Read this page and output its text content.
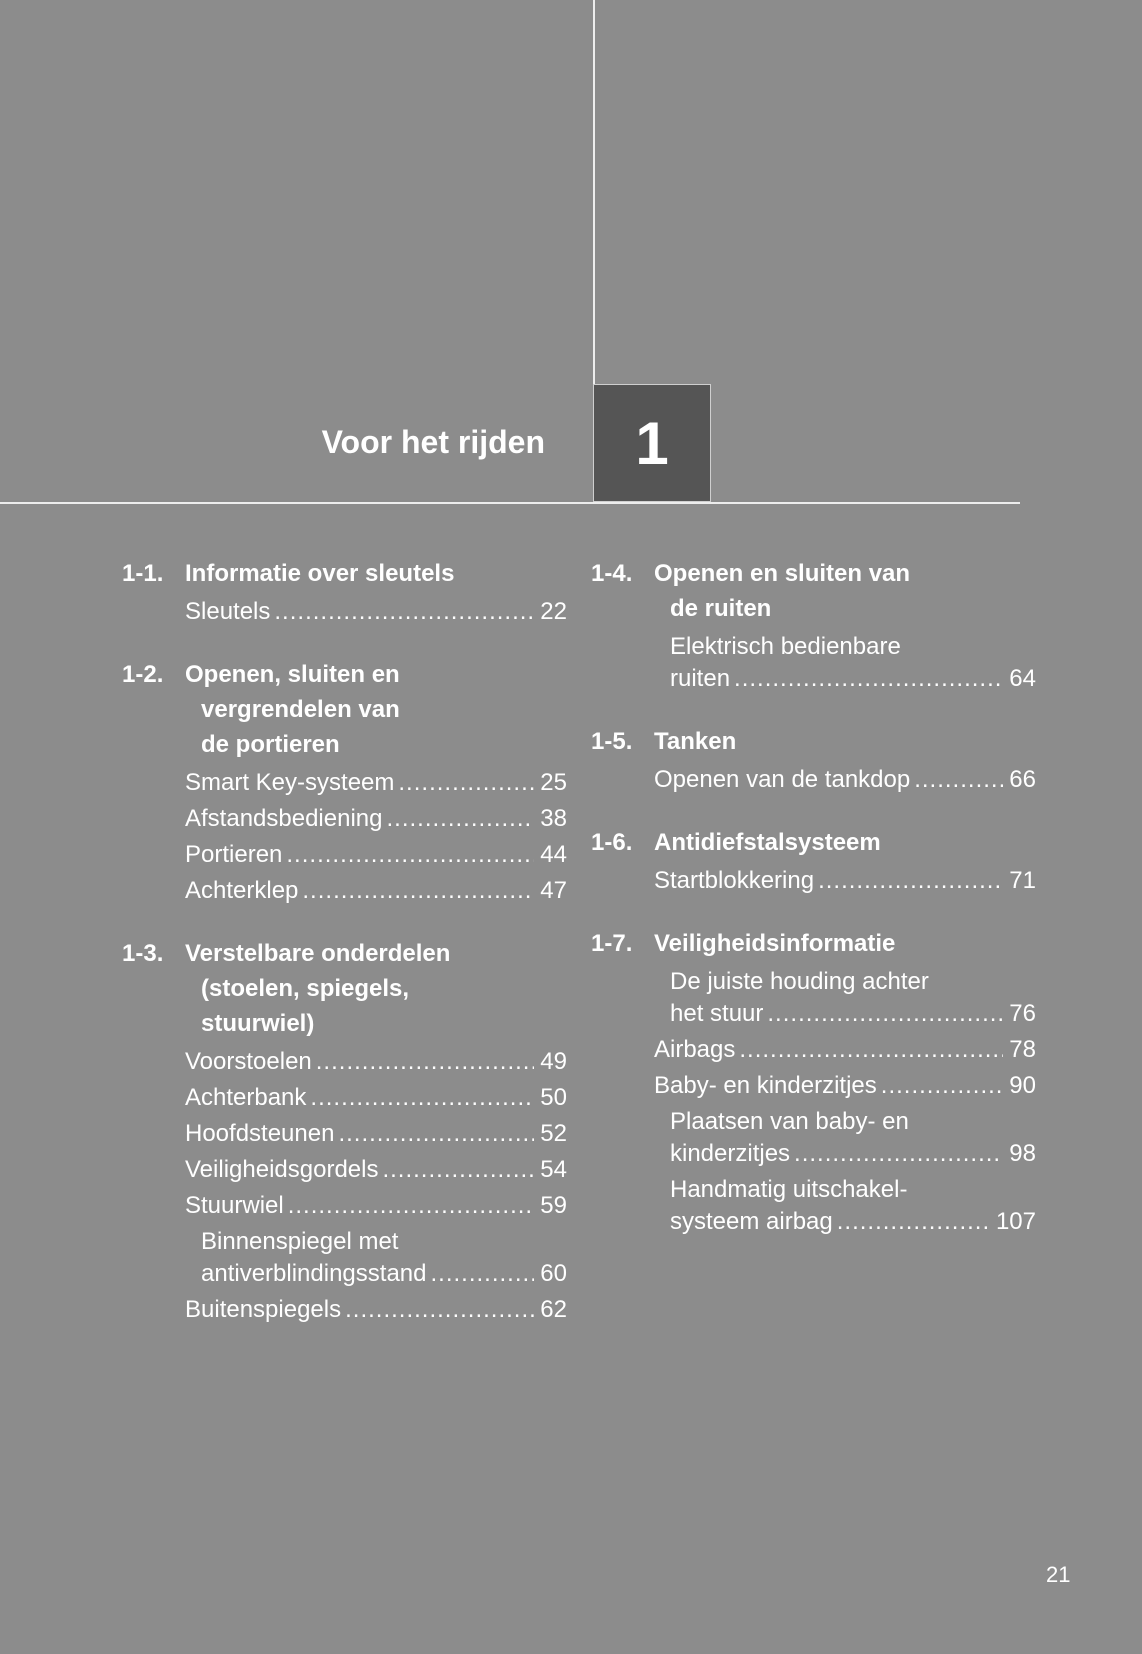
Voor het rijden 1
1-1. Informatie over sleutels
Sleutels .....	22
1-2. Openen, sluiten en
vergrendelen van
de portieren
Smart Key-systeem .....	25
Afstandsbediening .....	38
Portieren .....	44
Achterklep .....	47
1-3. Verstelbare onderdelen
(stoelen, spiegels,
stuurwiel)
Voorstoelen .....	49
Achterbank .....	50
Hoofdsteunen .....	52
Veiligheidsgordels .....	54
Stuurwiel .....	59
Binnenspiegel met
antiverblindingsstand .....	60
Buitenspiegels .....	62
1-4. Openen en sluiten van
de ruiten
Elektrisch bedienbare
ruiten .....	64
1-5. Tanken
Openen van de tankdop .....	66
1-6. Antidiefstalsysteem
Startblokkering .....	71
1-7. Veiligheidsinformatie
De juiste houding achter
het stuur .....	76
Airbags .....	78
Baby- en kinderzitjes .....	90
Plaatsen van baby- en
kinderzitjes .....	98
Handmatig uitschakel-
systeem airbag .....	107
21
